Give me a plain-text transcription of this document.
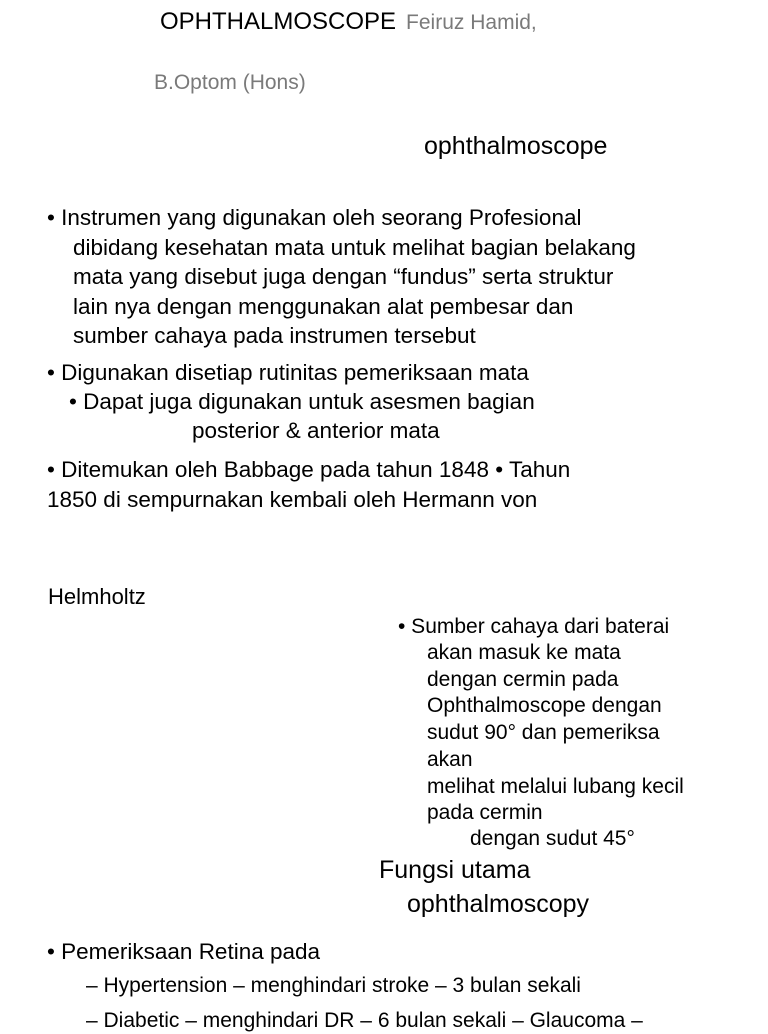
OPHTHALMOSCOPE Feiruz Hamid,
B.Optom (Hons)
ophthalmoscope
• Instrumen yang digunakan oleh seorang Profesional
dibidang kesehatan mata untuk melihat bagian belakang
mata yang disebut juga dengan “fundus” serta struktur
lain nya dengan menggunakan alat pembesar dan
sumber cahaya pada instrumen tersebut
• Digunakan disetiap rutinitas pemeriksaan mata
• Dapat juga digunakan untuk asesmen bagian
posterior & anterior mata
• Ditemukan oleh Babbage pada tahun 1848 • Tahun
1850 di sempurnakan kembali oleh Hermann von
Helmholtz
• Sumber cahaya dari baterai
akan masuk ke mata
dengan cermin pada
Ophthalmoscope dengan
sudut 90° dan pemeriksa
akan
melihat melalui lubang kecil
pada cermin
dengan sudut 45°
Fungsi utama
ophthalmoscopy
• Pemeriksaan Retina pada
– Hypertension – menghindari stroke – 3 bulan sekali
– Diabetic – menghindari DR – 6 bulan sekali – Glaucoma –
